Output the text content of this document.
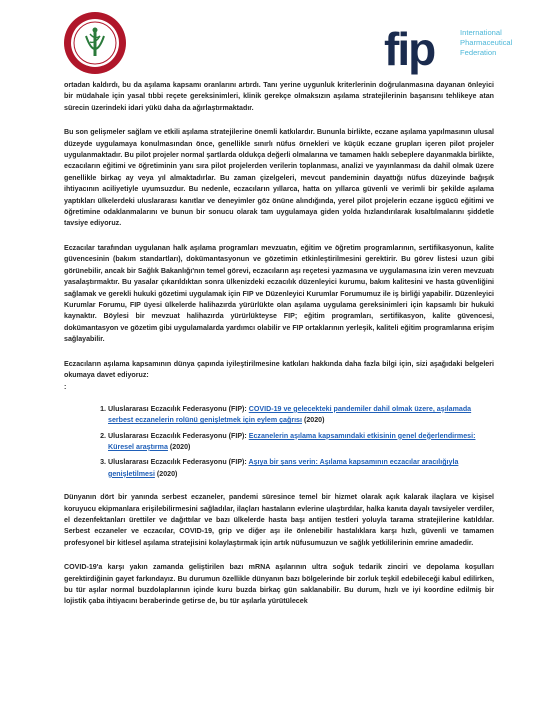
fip	International
Pharmaceutical
Federation

ortadan kaldırdı, bu da aşılama kapsamı oranlarını artırdı. Tanı yerine uygunluk kriterlerinin doğrulanmasına dayanan önleyici bir müdahale için yasal tıbbi reçete gereksinimleri, klinik gerekçe olmaksızın aşılama stratejilerinin başarısını tehlikeye atan sürecin üzerindeki idari yükü daha da ağırlaştırmaktadır.

Bu son gelişmeler sağlam ve etkili aşılama stratejilerine önemli katkılardır. Bununla birlikte, eczane aşılama yapılmasının ulusal düzeyde uygulamaya konulmasından önce, genellikle sınırlı nüfus örnekleri ve küçük eczane grupları içeren pilot projeler uygulanmaktadır. Bu pilot projeler normal şartlarda oldukça değerli olmalarına ve tamamen haklı sebeplere dayanmakla birlikte, eczacıların eğitimi ve öğretiminin yanı sıra pilot projelerden verilerin toplanması, analizi ve yayınlanması da dahil olmak üzere genellikle birkaç ay veya yıl almaktadırlar. Bu zaman çizelgeleri, mevcut pandeminin dayattığı nüfus düzeyinde bağışık ihtiyacının aciliyetiyle uyumsuzdur. Bu nedenle, eczacıların yıllarca, hatta on yıllarca güvenli ve verimli bir şekilde aşılama yaptıkları ülkelerdeki uluslararası kanıtlar ve deneyimler göz önüne alındığında, yerel pilot projelerin eczane işgücü eğitimi ve öğretimine odaklanmalarını ve bunun bir sonucu olarak tam uygulamaya giden yolda hızlandırılarak kısaltılmalarını şiddetle tavsiye ediyoruz.

Eczacılar tarafından uygulanan halk aşılama programları mevzuatın, eğitim ve öğretim programlarının, sertifikasyonun, kalite güvencesinin (bakım standartları), dokümantasyonun ve gözetimin etkinleştirilmesini gerektirir. Bu görev listesi uzun gibi görünebilir, ancak bir Sağlık Bakanlığı'nın temel görevi, eczacıların aşı reçetesi yazmasına ve uygulamasına izin veren mevzuatı yasalaştırmaktır. Bu yasalar çıkarıldıktan sonra ülkenizdeki eczacılık düzenleyici kurumu, bakım kalitesini ve hasta güvenliğini sağlamak ve gerekli hukuki gözetimi uygulamak için FIP ve Düzenleyici Kurumlar Forumumuz ile iş birliği yapabilir. Düzenleyici Kurumlar Forumu, FIP üyesi ülkelerde halihazırda yürürlükte olan aşılama uygulama gereksinimleri için kapsamlı bir hukuki kaynaktır. Böylesi bir mevzuat halihazırda yürürlükteyse FIP; eğitim programları, sertifikasyon, kalite güvencesi, dokümantasyon ve gözetim gibi uygulamalarda yardımcı olabilir ve FIP ortaklarının yerleşik, kaliteli eğitim programlarına erişim sağlayabilir.

Eczacıların aşılama kapsamının dünya çapında iyileştirilmesine katkıları hakkında daha fazla bilgi için, sizi aşağıdaki belgeleri okumaya davet ediyoruz:

:
1. Uluslararası Eczacılık Federasyonu (FIP): COVID-19 ve gelecekteki pandemiler dahil olmak üzere, aşılamada serbest eczanelerin rolünü genişletmek için eylem çağrısı (2020)
2. Uluslararası Eczacılık Federasyonu (FIP): Eczanelerin aşılama kapsamındaki etkisinin genel değerlendirmesi: Küresel araştırma (2020)
3. Uluslararası Eczacılık Federasyonu (FIP): Aşıya bir şans verin: Aşılama kapsamının eczacılar aracılığıyla genişletilmesi (2020)

Dünyanın dört bir yanında serbest eczaneler, pandemi süresince temel bir hizmet olarak açık kalarak ilaçlara ve kişisel koruyucu ekipmanlara erişilebilirmesini sağladılar, ilaçları hastaların evlerine ulaştırdılar, halka kanıta dayalı tavsiyeler verdiler, el dezenfektanları ürettiler ve dağıttılar ve bazı ülkelerde hasta başı antijen testleri yoluyla tarama stratejilerine katıldılar. Serbest eczaneler ve eczacılar, COVID-19, grip ve diğer aşı ile önlenebilir hastalıklara karşı hızlı, güvenli ve tamamen profesyonel bir kitlesel aşılama stratejisini kolaylaştırmak için artık nüfusumuzun ve sağlık yetkililerinin emrine amadedir.

COVID-19'a karşı yakın zamanda geliştirilen bazı mRNA aşılarının ultra soğuk tedarik zinciri ve depolama koşulları gerektirdiğinin gayet farkındayız. Bu durumun özellikle dünyanın bazı bölgelerinde bir zorluk teşkil edebileceği kabul edilirken, bu tür aşılar normal buzdolaplarının içinde kuru buzda birkaç gün saklanabilir. Bu durum, hızlı ve iyi koordine edilmiş bir lojistik çaba ihtiyacını beraberinde getirse de, bu tür aşılarla yürütülecek
